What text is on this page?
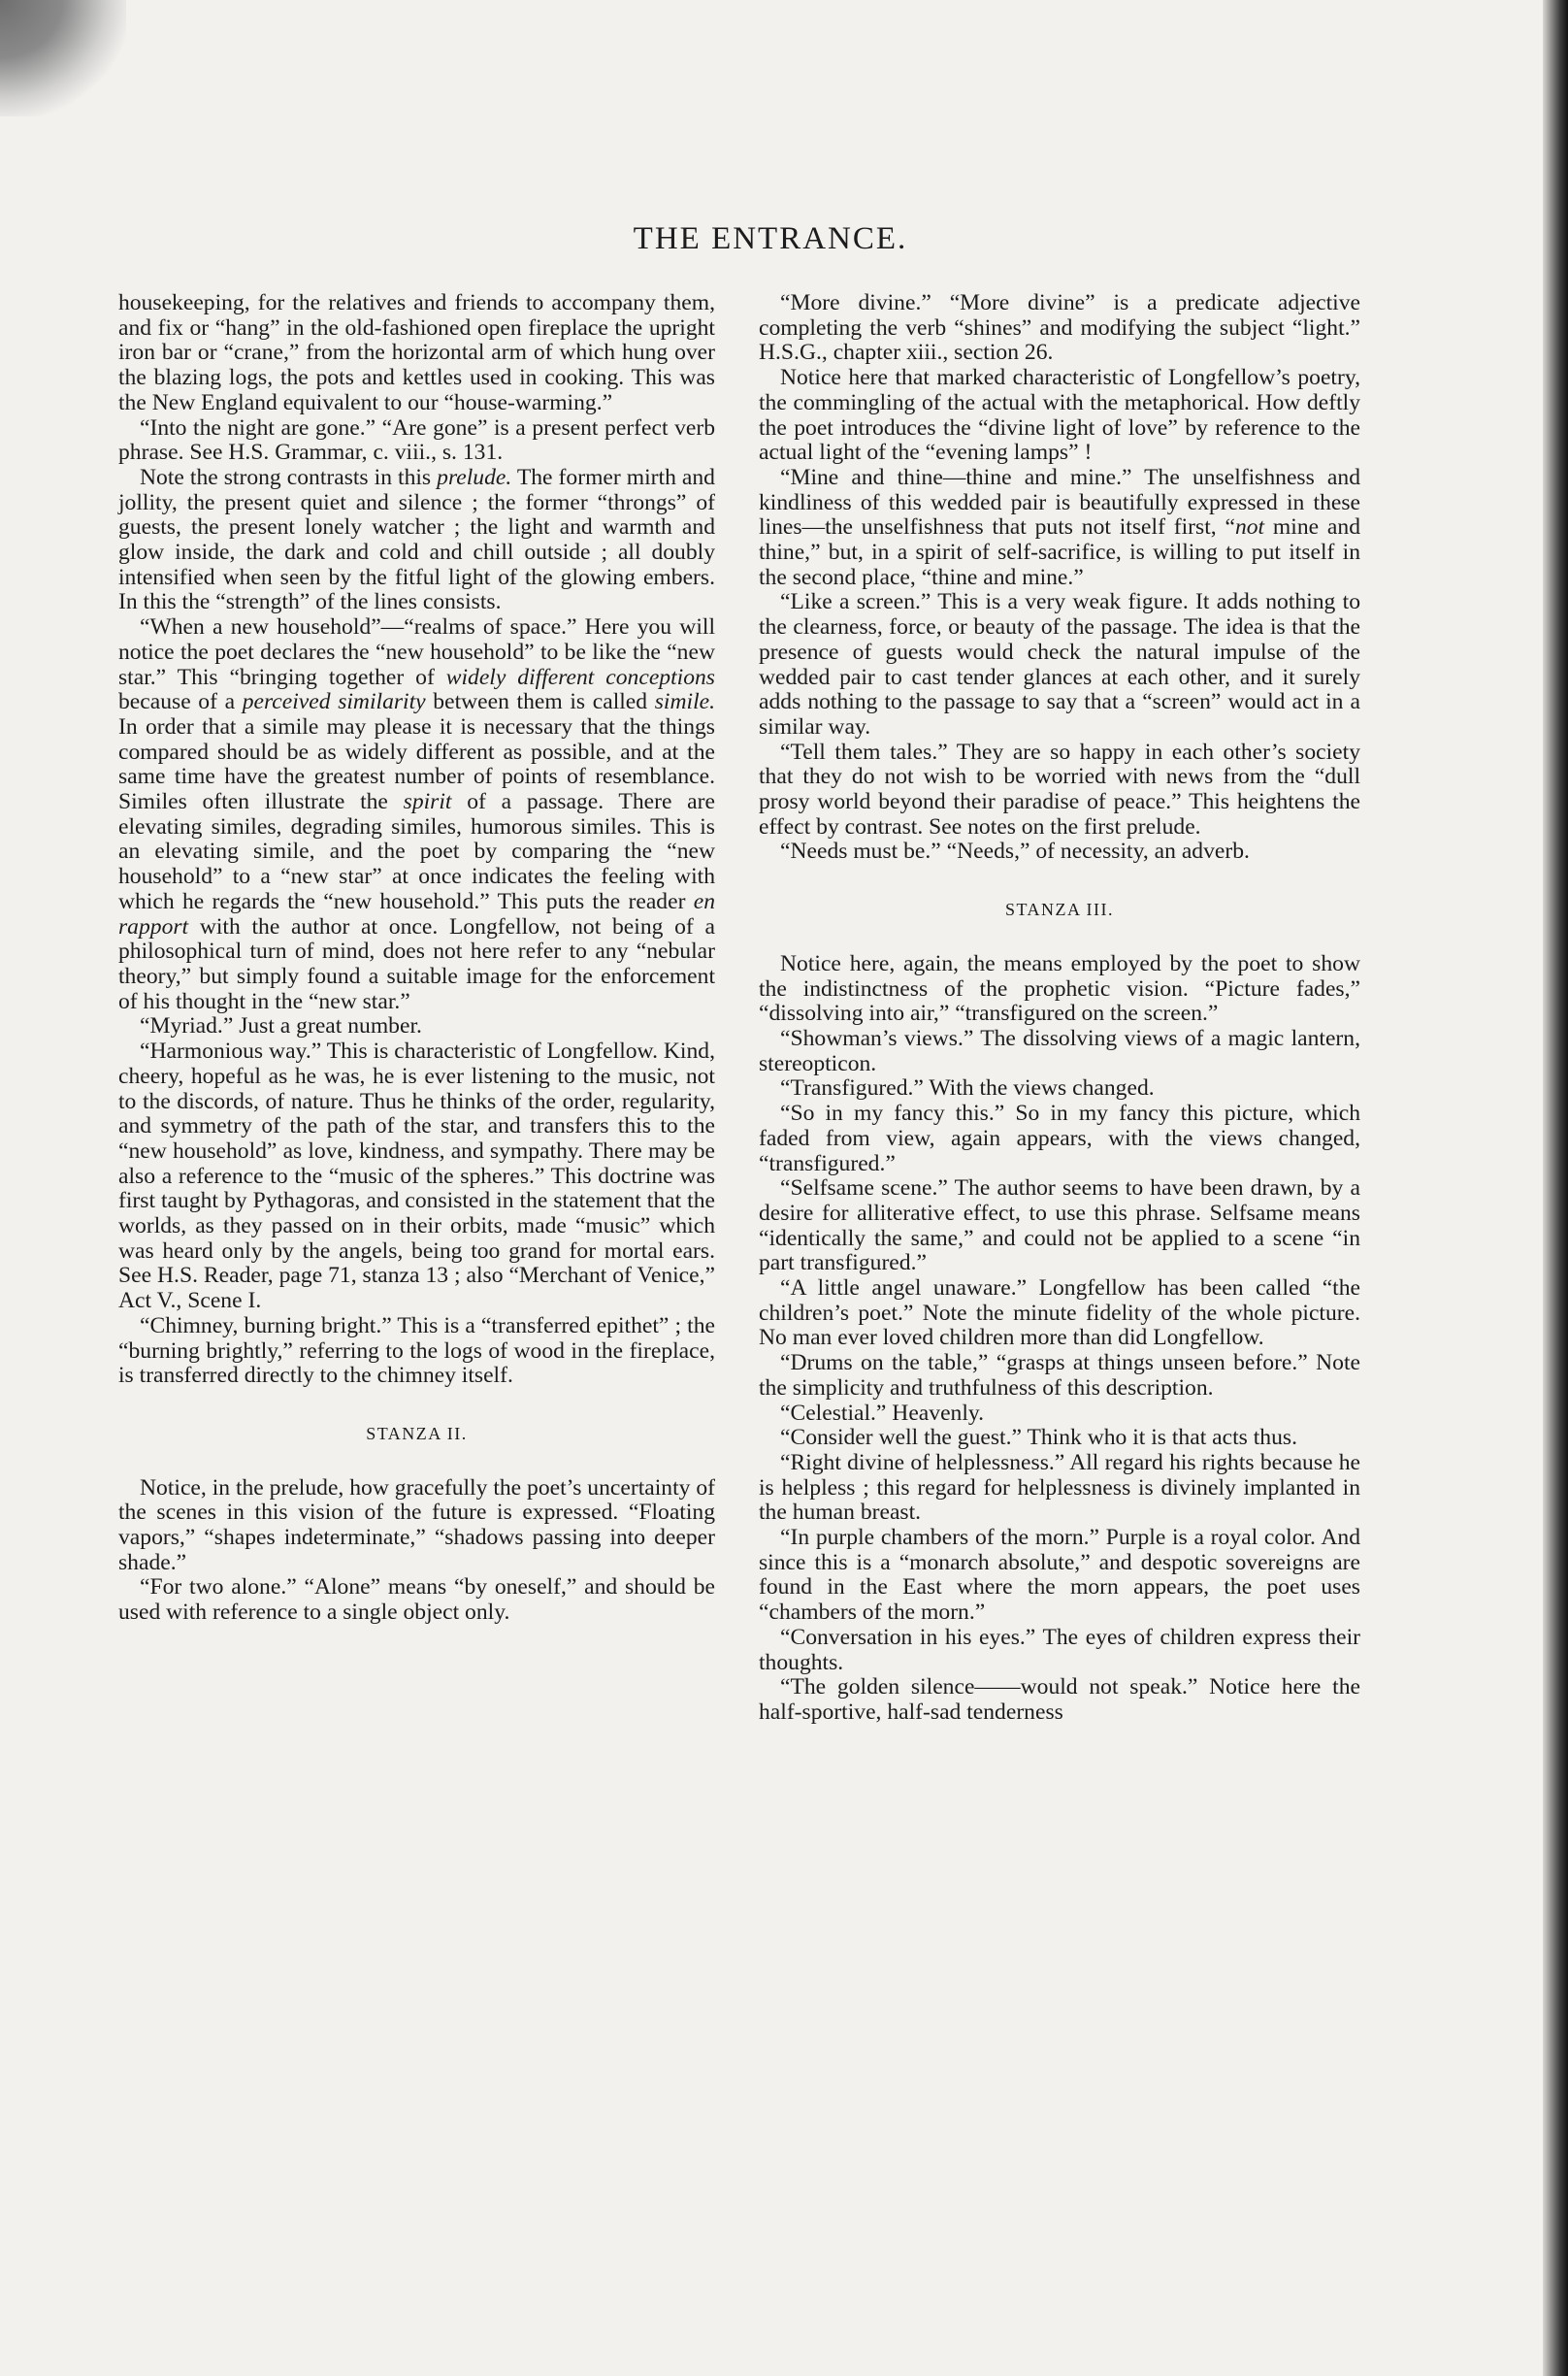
THE ENTRANCE.

housekeeping, for the relatives and friends to accompany them, and fix or “hang” in the old-fashioned open fireplace the upright iron bar or “crane,” from the horizontal arm of which hung over the blazing logs, the pots and kettles used in cooking. This was the New England equivalent to our “house-warming.”

“Into the night are gone.” “Are gone” is a present perfect verb phrase. See H.S. Grammar, c. viii., s. 131.

Note the strong contrasts in this prelude. The former mirth and jollity, the present quiet and silence ; the former “throngs” of guests, the present lonely watcher ; the light and warmth and glow inside, the dark and cold and chill outside ; all doubly intensified when seen by the fitful light of the glowing embers. In this the “strength” of the lines consists.

“When a new household”—“realms of space.” Here you will notice the poet declares the “new household” to be like the “new star.” This “bringing together of widely different conceptions because of a perceived similarity between them is called simile. In order that a simile may please it is necessary that the things compared should be as widely different as possible, and at the same time have the greatest number of points of resemblance. Similes often illustrate the spirit of a passage. There are elevating similes, degrading similes, humorous similes. This is an elevating simile, and the poet by comparing the “new household” to a “new star” at once indicates the feeling with which he regards the “new household.” This puts the reader en rapport with the author at once. Longfellow, not being of a philosophical turn of mind, does not here refer to any “nebular theory,” but simply found a suitable image for the enforcement of his thought in the “new star.”

“Myriad.” Just a great number.

“Harmonious way.” This is characteristic of Longfellow. Kind, cheery, hopeful as he was, he is ever listening to the music, not to the discords, of nature. Thus he thinks of the order, regularity, and symmetry of the path of the star, and transfers this to the “new household” as love, kindness, and sympathy. There may be also a reference to the “music of the spheres.” This doctrine was first taught by Pythagoras, and consisted in the statement that the worlds, as they passed on in their orbits, made “music” which was heard only by the angels, being too grand for mortal ears. See H.S. Reader, page 71, stanza 13 ; also “Merchant of Venice,” Act V., Scene I.

“Chimney, burning bright.” This is a “transferred epithet” ; the “burning brightly,” referring to the logs of wood in the fireplace, is transferred directly to the chimney itself.

STANZA II.

Notice, in the prelude, how gracefully the poet’s uncertainty of the scenes in this vision of the future is expressed. “Floating vapors,” “shapes indeterminate,” “shadows passing into deeper shade.”

“For two alone.” “Alone” means “by oneself,” and should be used with reference to a single object only.

“More divine.” “More divine” is a predicate adjective completing the verb “shines” and modifying the subject “light.” H.S.G., chapter xiii., section 26.

Notice here that marked characteristic of Longfellow’s poetry, the commingling of the actual with the metaphorical. How deftly the poet introduces the “divine light of love” by reference to the actual light of the “evening lamps” !

“Mine and thine—thine and mine.” The unselfishness and kindliness of this wedded pair is beautifully expressed in these lines—the unselfishness that puts not itself first, “not mine and thine,” but, in a spirit of self-sacrifice, is willing to put itself in the second place, “thine and mine.”

“Like a screen.” This is a very weak figure. It adds nothing to the clearness, force, or beauty of the passage. The idea is that the presence of guests would check the natural impulse of the wedded pair to cast tender glances at each other, and it surely adds nothing to the passage to say that a “screen” would act in a similar way.

“Tell them tales.” They are so happy in each other’s society that they do not wish to be worried with news from the “dull prosy world beyond their paradise of peace.” This heightens the effect by contrast. See notes on the first prelude.

“Needs must be.” “Needs,” of necessity, an adverb.

STANZA III.

Notice here, again, the means employed by the poet to show the indistinctness of the prophetic vision. “Picture fades,” “dissolving into air,” “transfigured on the screen.”

“Showman’s views.” The dissolving views of a magic lantern, stereopticon.

“Transfigured.” With the views changed.

“So in my fancy this.” So in my fancy this picture, which faded from view, again appears, with the views changed, “transfigured.”

“Selfsame scene.” The author seems to have been drawn, by a desire for alliterative effect, to use this phrase. Selfsame means “identically the same,” and could not be applied to a scene “in part transfigured.”

“A little angel unaware.” Longfellow has been called “the children’s poet.” Note the minute fidelity of the whole picture. No man ever loved children more than did Longfellow.

“Drums on the table,” “grasps at things unseen before.” Note the simplicity and truthfulness of this description.

“Celestial.” Heavenly.

“Consider well the guest.” Think who it is that acts thus.

“Right divine of helplessness.” All regard his rights because he is helpless ; this regard for helplessness is divinely implanted in the human breast.

“In purple chambers of the morn.” Purple is a royal color. And since this is a “monarch absolute,” and despotic sovereigns are found in the East where the morn appears, the poet uses “chambers of the morn.”

“Conversation in his eyes.” The eyes of children express their thoughts.

“The golden silence——would not speak.” Notice here the half-sportive, half-sad tenderness
